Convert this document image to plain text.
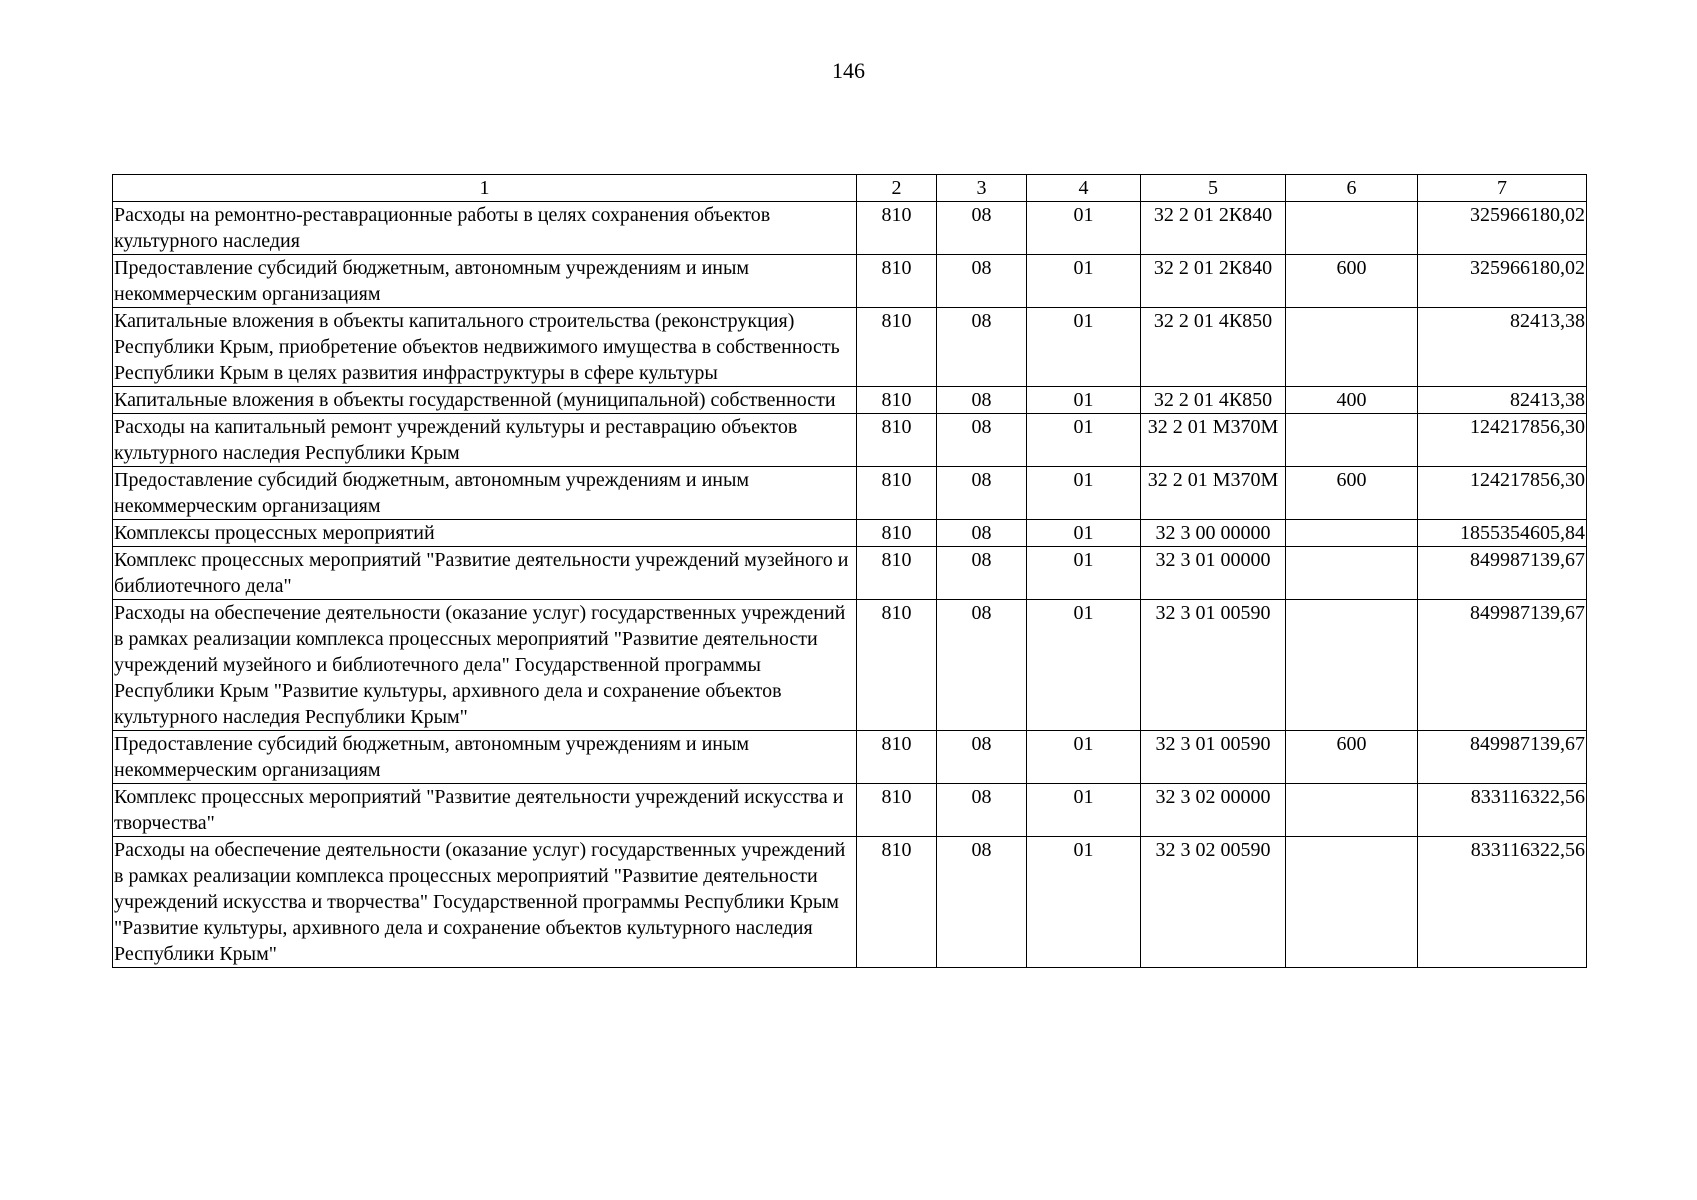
146
1	2	3	4	5	6	7
Расходы на ремонтно-реставрационные работы в целях сохранения объектов культурного наследия	810	08	01	32 2 01 2К840		325966180,02
Предоставление субсидий бюджетным, автономным учреждениям и иным некоммерческим организациям	810	08	01	32 2 01 2К840	600	325966180,02
Капитальные вложения в объекты капитального строительства (реконструкция) Республики Крым, приобретение объектов недвижимого имущества в собственность Республики Крым в целях развития инфраструктуры в сфере культуры	810	08	01	32 2 01 4К850		82413,38
Капитальные вложения в объекты государственной (муниципальной) собственности	810	08	01	32 2 01 4К850	400	82413,38
Расходы на капитальный ремонт учреждений культуры и реставрацию объектов культурного наследия Республики Крым	810	08	01	32 2 01 М370М		124217856,30
Предоставление субсидий бюджетным, автономным учреждениям и иным некоммерческим организациям	810	08	01	32 2 01 М370М	600	124217856,30
Комплексы процессных мероприятий	810	08	01	32 3 00 00000		1855354605,84
Комплекс процессных мероприятий "Развитие деятельности учреждений музейного и библиотечного дела"	810	08	01	32 3 01 00000		849987139,67
Расходы на обеспечение деятельности (оказание услуг) государственных учреждений в рамках реализации комплекса процессных мероприятий "Развитие деятельности учреждений музейного и библиотечного дела" Государственной программы Республики Крым "Развитие культуры, архивного дела и сохранение объектов культурного наследия Республики Крым"	810	08	01	32 3 01 00590		849987139,67
Предоставление субсидий бюджетным, автономным учреждениям и иным некоммерческим организациям	810	08	01	32 3 01 00590	600	849987139,67
Комплекс процессных мероприятий "Развитие деятельности учреждений искусства и творчества"	810	08	01	32 3 02 00000		833116322,56
Расходы на обеспечение деятельности (оказание услуг) государственных учреждений в рамках реализации комплекса процессных мероприятий "Развитие деятельности учреждений искусства и творчества" Государственной программы Республики Крым "Развитие культуры, архивного дела и сохранение объектов культурного наследия Республики Крым"	810	08	01	32 3 02 00590		833116322,56
